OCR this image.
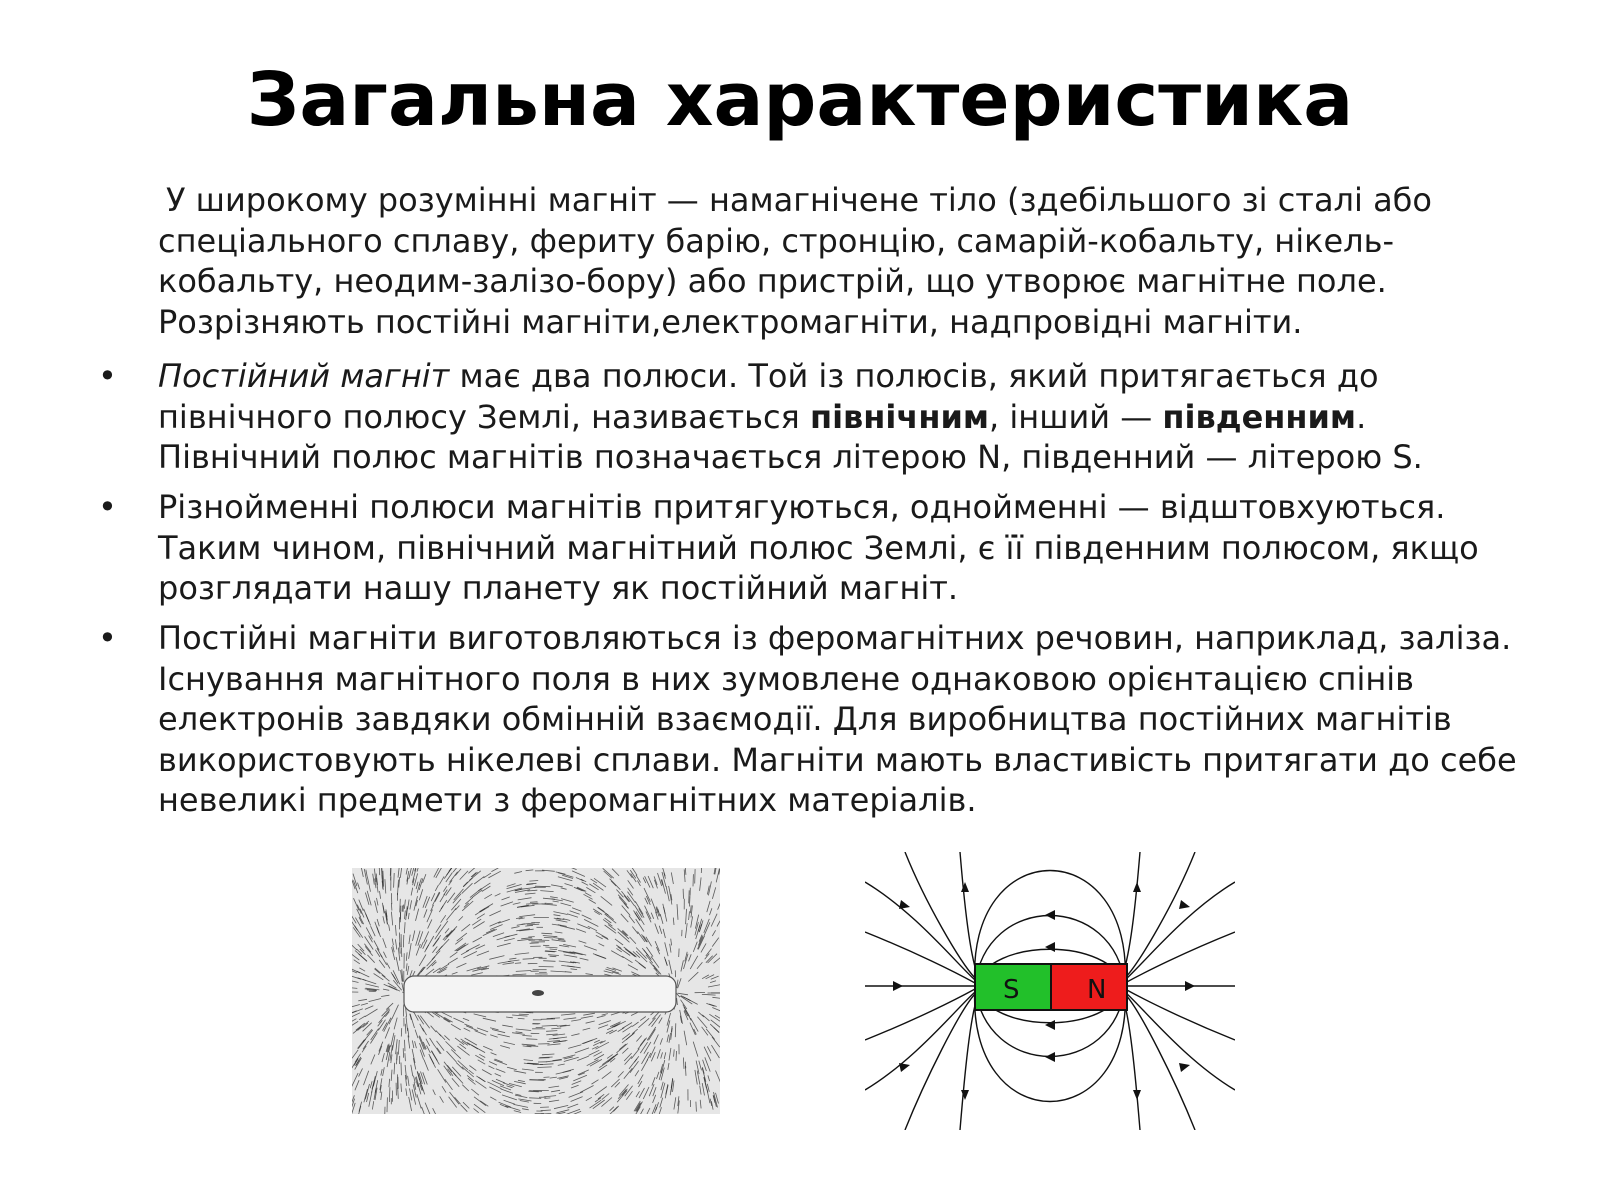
Загальна характеристика
У широкому розумінні магніт — намагнічене тіло (здебільшого зі сталі або спеціального сплаву, фериту барію, стронцію, самарій-кобальту, нікель-кобальту, неодим-залізо-бору) або пристрій, що утворює магнітне поле. Розрізняють постійні магніти,електромагніти, надпровідні магніти.
• Постійний магніт має два полюси. Той із полюсів, який притягається до північного полюсу Землі, називається північним, інший — південним. Північний полюс магнітів позначається літерою N, південний — літерою S.
• Різнойменні полюси магнітів притягуються, однойменні — відштовхуються. Таким чином, північний магнітний полюс Землі, є її південним полюсом, якщо розглядати нашу планету як постійний магніт.
• Постійні магніти виготовляються із феромагнітних речовин, наприклад, заліза. Існування магнітного поля в них зумовлене однаковою орієнтацією спінів електронів завдяки обмінній взаємодії. Для виробництва постійних магнітів використовують нікелеві сплави. Магніти мають властивість притягати до себе невеликі предмети з феромагнітних матеріалів.
S	N
